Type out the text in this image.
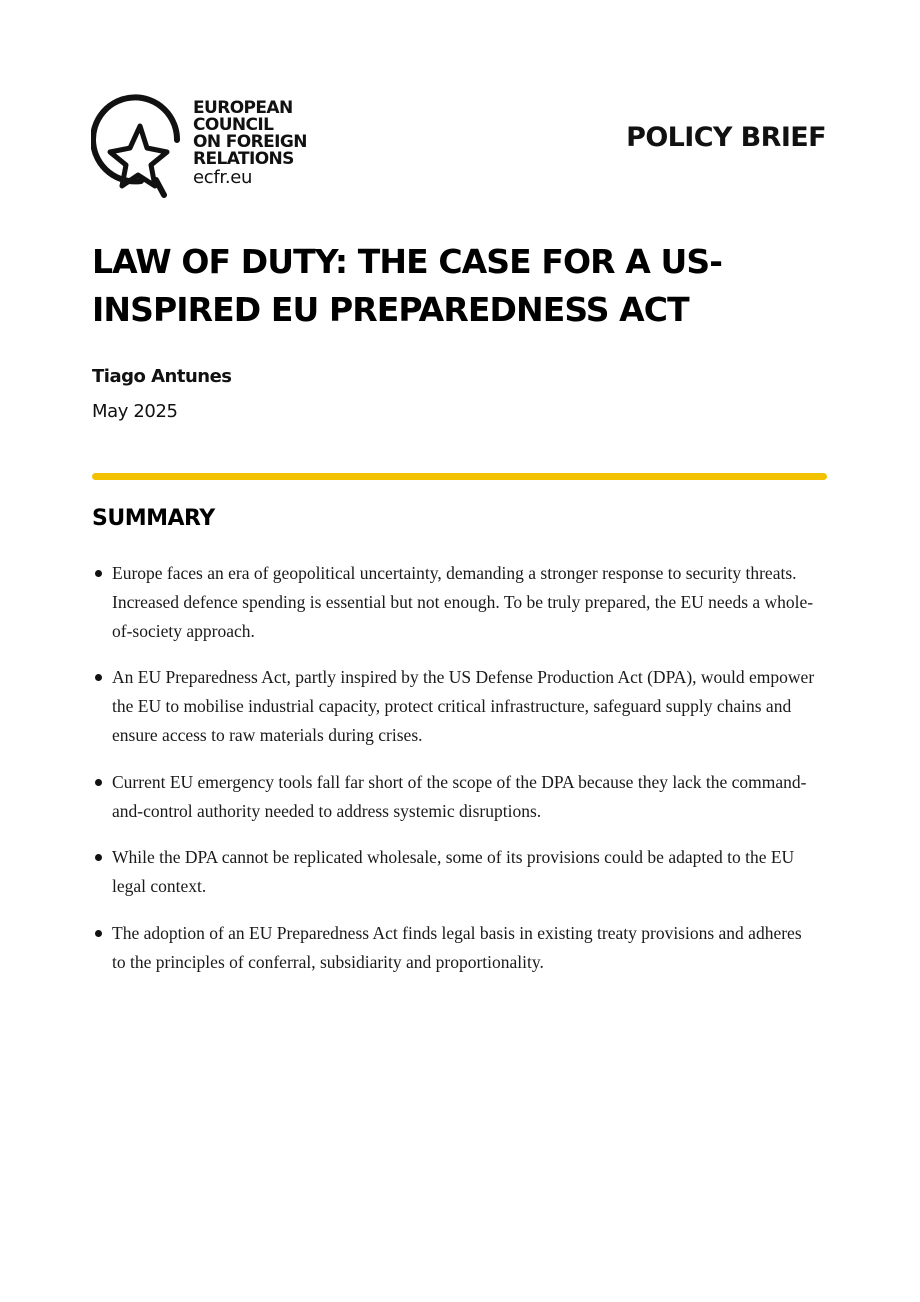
EUROPEAN
COUNCIL
ON FOREIGN
RELATIONS
ecfr.eu
POLICY BRIEF
LAW OF DUTY: THE CASE FOR A US-INSPIRED EU PREPAREDNESS ACT
Tiago Antunes
May 2025
SUMMARY
Europe faces an era of geopolitical uncertainty, demanding a stronger response to security threats. Increased defence spending is essential but not enough. To be truly prepared, the EU needs a whole-of-society approach.
An EU Preparedness Act, partly inspired by the US Defense Production Act (DPA), would empower the EU to mobilise industrial capacity, protect critical infrastructure, safeguard supply chains and ensure access to raw materials during crises.
Current EU emergency tools fall far short of the scope of the DPA because they lack the command-and-control authority needed to address systemic disruptions.
While the DPA cannot be replicated wholesale, some of its provisions could be adapted to the EU legal context.
The adoption of an EU Preparedness Act finds legal basis in existing treaty provisions and adheres to the principles of conferral, subsidiarity and proportionality.
